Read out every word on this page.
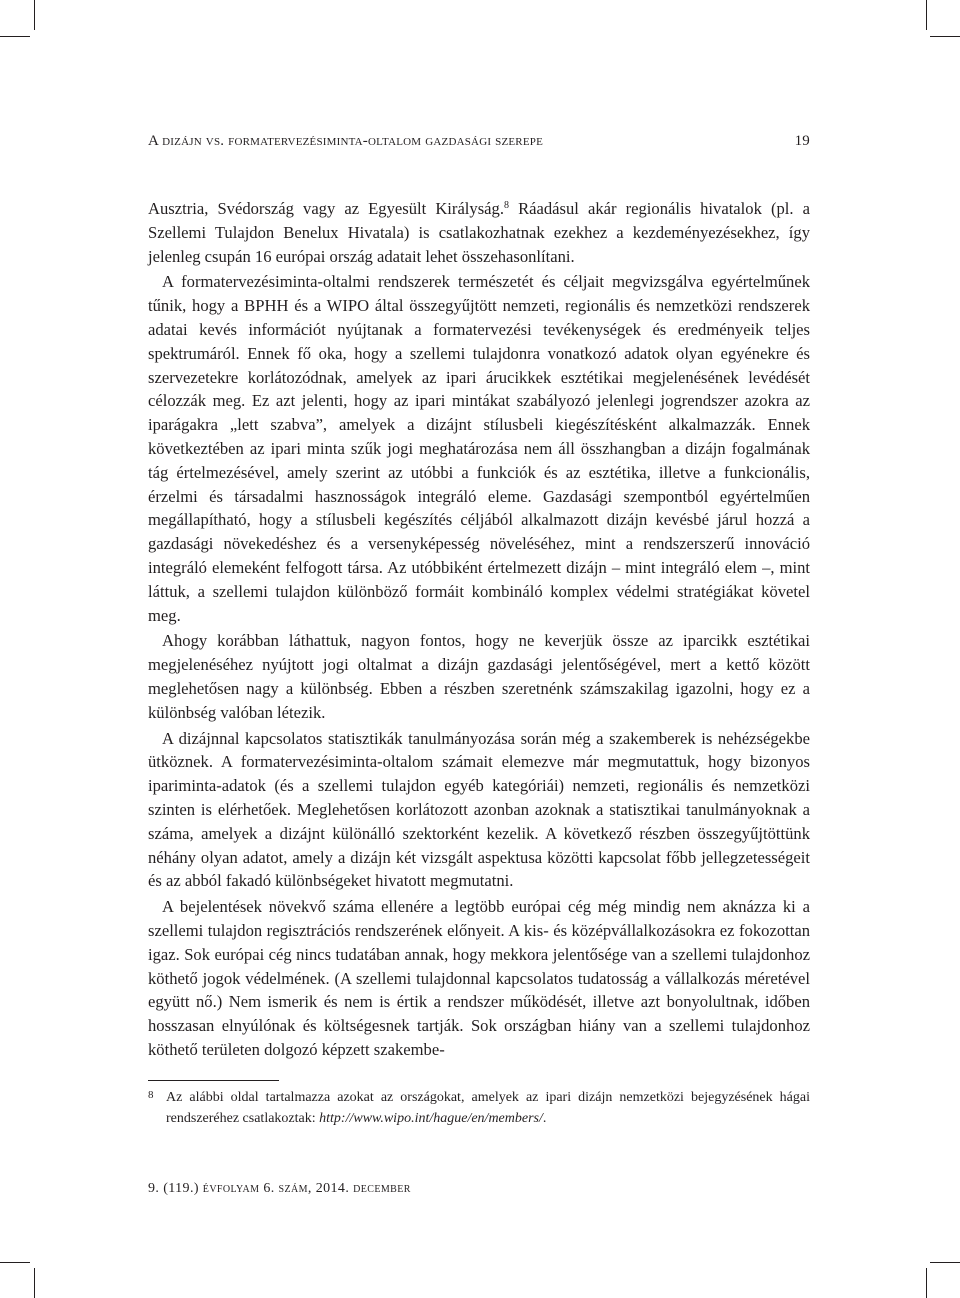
A dizájn vs. formatervezésiminta-oltalom gazdasági szerepe	19

Ausztria, Svédország vagy az Egyesült Királyság.$^8$ Ráadásul akár regionális hivatalok (pl. a Szellemi Tulajdon Benelux Hivatala) is csatlakozhatnak ezekhez a kezdeményezésekhez, így jelenleg csupán 16 európai ország adatait lehet összehasonlítani.

A formatervezésiminta-oltalmi rendszerek természetét és céljait megvizsgálva egyértelműnek tűnik, hogy a BPHH és a WIPO által összegyűjtött nemzeti, regionális és nemzetközi rendszerek adatai kevés információt nyújtanak a formatervezési tevékenységek és eredményeik teljes spektrumáról. Ennek fő oka, hogy a szellemi tulajdonra vonatkozó adatok olyan egyénekre és szervezetekre korlátozódnak, amelyek az ipari árucikkek esztétikai megjelenésének levédését célozzák meg. Ez azt jelenti, hogy az ipari mintákat szabályozó jelenlegi jogrendszer azokra az iparágakra „lett szabva”, amelyek a dizájnt stílusbeli kiegészítésként alkalmazzák. Ennek következtében az ipari minta szűk jogi meghatározása nem áll összhangban a dizájn fogalmának tág értelmezésével, amely szerint az utóbbi a funkciók és az esztétika, illetve a funkcionális, érzelmi és társadalmi hasznosságok integráló eleme. Gazdasági szempontból egyértelműen megállapítható, hogy a stílusbeli kegészítés céljából alkalmazott dizájn kevésbé járul hozzá a gazdasági növekedéshez és a versenyképesség növeléséhez, mint a rendszerszerű innováció integráló elemeként felfogott társa. Az utóbbiként értelmezett dizájn – mint integráló elem –, mint láttuk, a szellemi tulajdon különböző formáit kombináló komplex védelmi stratégiákat követel meg.

Ahogy korábban láthattuk, nagyon fontos, hogy ne keverjük össze az iparcikk esztétikai megjelenéséhez nyújtott jogi oltalmat a dizájn gazdasági jelentőségével, mert a kettő között meglehetősen nagy a különbség. Ebben a részben szeretnénk számszakilag igazolni, hogy ez a különbség valóban létezik.

A dizájnnal kapcsolatos statisztikák tanulmányozása során még a szakemberek is nehézségekbe ütköznek. A formatervezésiminta-oltalom számait elemezve már megmutattuk, hogy bizonyos ipariminta-adatok (és a szellemi tulajdon egyéb kategóriái) nemzeti, regionális és nemzetközi szinten is elérhetőek. Meglehetősen korlátozott azonban azoknak a statisztikai tanulmányoknak a száma, amelyek a dizájnt különálló szektorként kezelik. A következő részben összegyűjtöttünk néhány olyan adatot, amely a dizájn két vizsgált aspektusa közötti kapcsolat főbb jellegzetességeit és az abból fakadó különbségeket hivatott megmutatni.

A bejelentések növekvő száma ellenére a legtöbb európai cég még mindig nem aknázza ki a szellemi tulajdon regisztrációs rendszerének előnyeit. A kis- és középvállalkozásokra ez fokozottan igaz. Sok európai cég nincs tudatában annak, hogy mekkora jelentősége van a szellemi tulajdonhoz köthető jogok védelmének. (A szellemi tulajdonnal kapcsolatos tudatosság a vállalkozás méretével együtt nő.) Nem ismerik és nem is értik a rendszer működését, illetve azt bonyolultnak, időben hosszasan elnyúlónak és költségesnek tartják. Sok országban hiány van a szellemi tulajdonhoz köthető területen dolgozó képzett szakembe-

8 Az alábbi oldal tartalmazza azokat az országokat, amelyek az ipari dizájn nemzetközi bejegyzésének hágai rendszeréhez csatlakoztak: http://www.wipo.int/hague/en/members/.
9. (119.) évfolyam 6. szám, 2014. december
